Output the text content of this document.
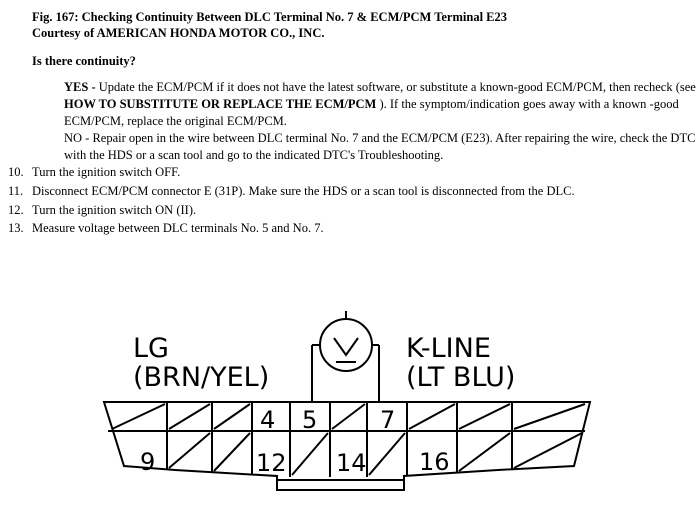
Fig. 167: Checking Continuity Between DLC Terminal No. 7 & ECM/PCM Terminal E23
Courtesy of AMERICAN HONDA MOTOR CO., INC.
Is there continuity?
YES - Update the ECM/PCM if it does not have the latest software, or substitute a known-good ECM/PCM, then recheck (see HOW TO SUBSTITUTE OR REPLACE THE ECM/PCM ). If the symptom/indication goes away with a known -good ECM/PCM, replace the original ECM/PCM.
NO - Repair open in the wire between DLC terminal No. 7 and the ECM/PCM (E23). After repairing the wire, check the DTC with the HDS or a scan tool and go to the indicated DTC's Troubleshooting.
10. Turn the ignition switch OFF.
11. Disconnect ECM/PCM connector E (31P). Make sure the HDS or a scan tool is disconnected from the DLC.
12. Turn the ignition switch ON (II).
13. Measure voltage between DLC terminals No. 5 and No. 7.
LG
(BRN/YEL)
K-LINE
(LT BLU)
4 5	7
9	12 14 16
